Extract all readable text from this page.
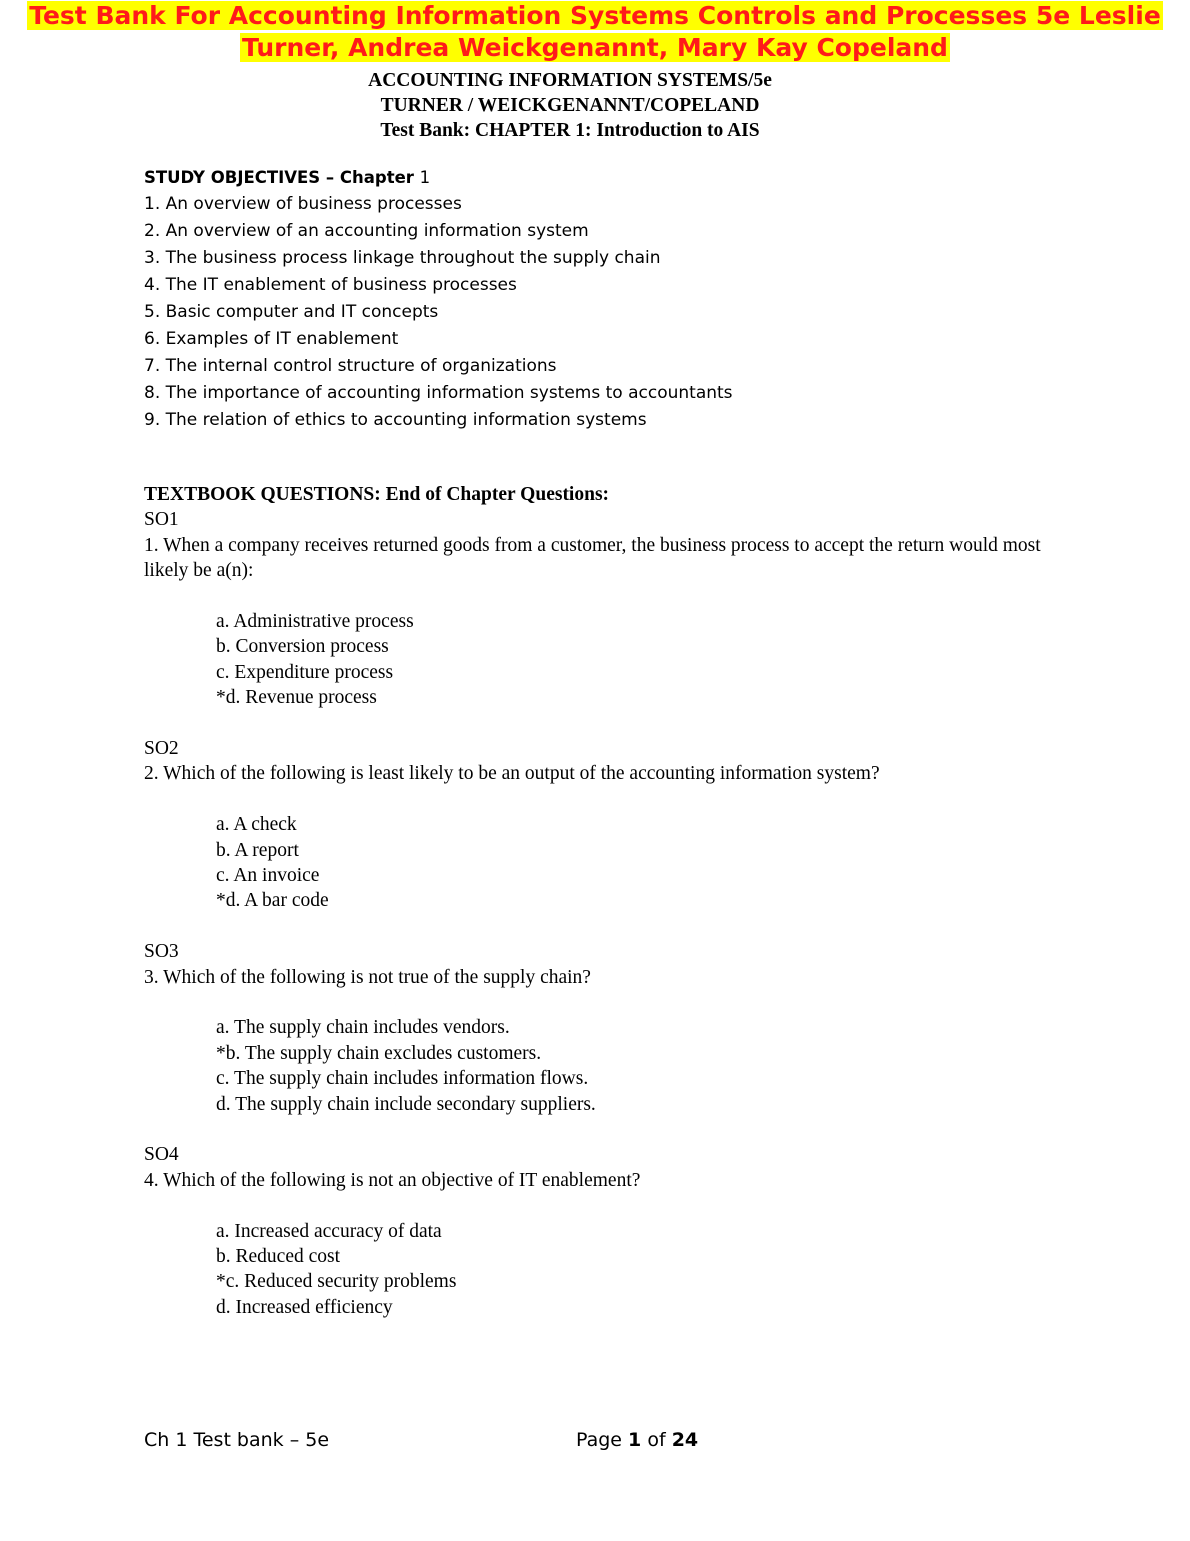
Test Bank For Accounting Information Systems Controls and Processes 5e Leslie
Turner, Andrea Weickgenannt, Mary Kay Copeland
ACCOUNTING INFORMATION SYSTEMS/5e
TURNER / WEICKGENANNT/COPELAND
Test Bank: CHAPTER 1: Introduction to AIS
STUDY OBJECTIVES – Chapter 1
1. An overview of business processes
2. An overview of an accounting information system
3. The business process linkage throughout the supply chain
4. The IT enablement of business processes
5. Basic computer and IT concepts
6. Examples of IT enablement
7. The internal control structure of organizations
8. The importance of accounting information systems to accountants
9. The relation of ethics to accounting information systems
TEXTBOOK QUESTIONS: End of Chapter Questions:
SO1
1. When a company receives returned goods from a customer, the business process to accept the return would most likely be a(n):
a. Administrative process
b. Conversion process
c. Expenditure process
*d. Revenue process
SO2
2. Which of the following is least likely to be an output of the accounting information system?
a. A check
b. A report
c. An invoice
*d. A bar code
SO3
3. Which of the following is not true of the supply chain?
a. The supply chain includes vendors.
*b. The supply chain excludes customers.
c. The supply chain includes information flows.
d. The supply chain include secondary suppliers.
SO4
4. Which of the following is not an objective of IT enablement?
a. Increased accuracy of data
b. Reduced cost
*c. Reduced security problems
d. Increased efficiency
Ch 1 Test bank – 5e	Page 1 of 24
